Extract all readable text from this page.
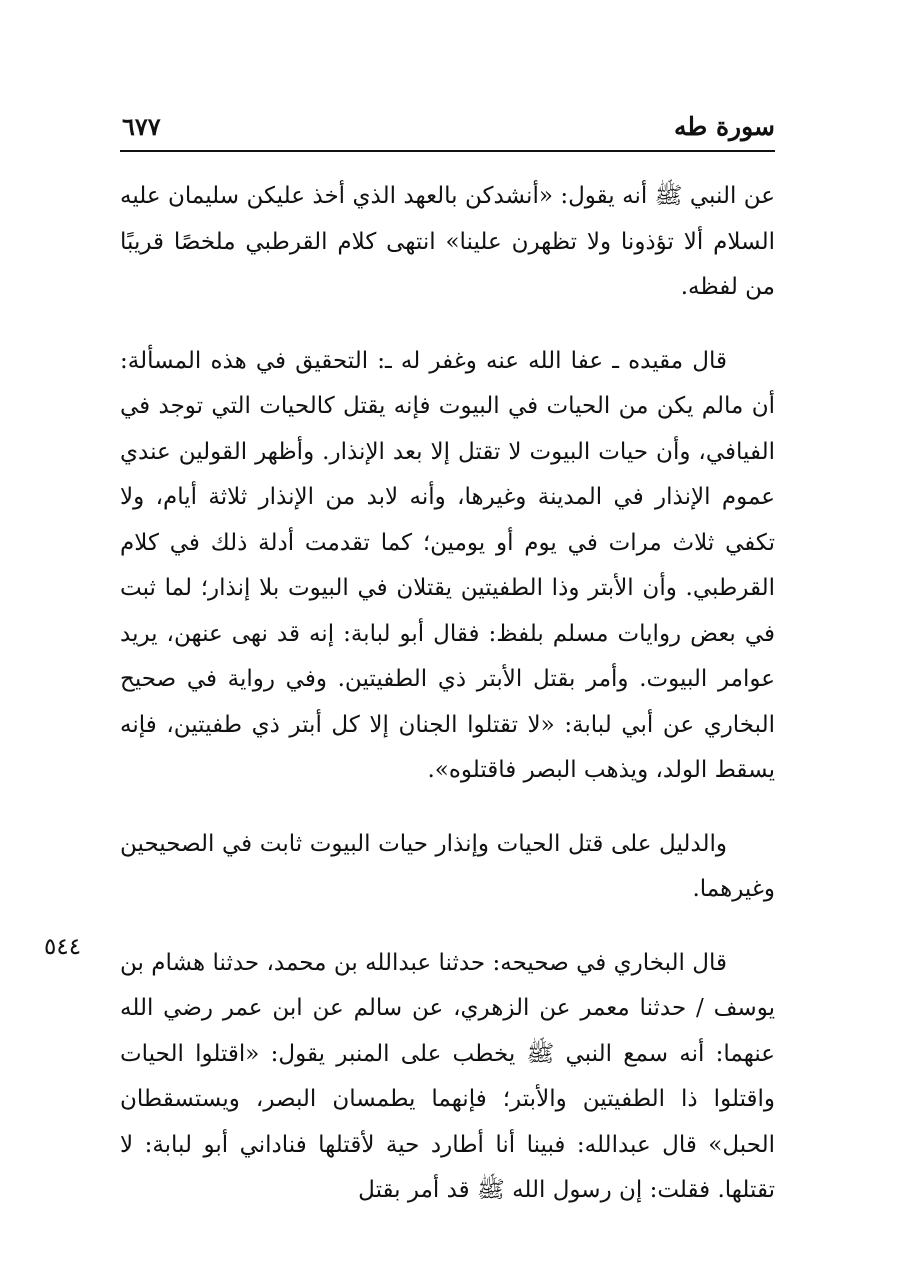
٦٧٧	سورة طه
٥٤٤

عن النبي ﷺ أنه يقول: «أنشدكن بالعهد الذي أخذ عليكن سليمان عليه السلام ألا تؤذونا ولا تظهرن علينا» انتهى كلام القرطبي ملخصًا قريبًا من لفظه.

قال مقيده ـ عفا الله عنه وغفر له ـ: التحقيق في هذه المسألة: أن مالم يكن من الحيات في البيوت فإنه يقتل كالحيات التي توجد في الفيافي، وأن حيات البيوت لا تقتل إلا بعد الإنذار. وأظهر القولين عندي عموم الإنذار في المدينة وغيرها، وأنه لابد من الإنذار ثلاثة أيام، ولا تكفي ثلاث مرات في يوم أو يومين؛ كما تقدمت أدلة ذلك في كلام القرطبي. وأن الأبتر وذا الطفيتين يقتلان في البيوت بلا إنذار؛ لما ثبت في بعض روايات مسلم بلفظ: فقال أبو لبابة: إنه قد نهى عنهن، يريد عوامر البيوت. وأمر بقتل الأبتر ذي الطفيتين. وفي رواية في صحيح البخاري عن أبي لبابة: «لا تقتلوا الجنان إلا كل أبتر ذي طفيتين، فإنه يسقط الولد، ويذهب البصر فاقتلوه».

والدليل على قتل الحيات وإنذار حيات البيوت ثابت في الصحيحين وغيرهما.

قال البخاري في صحيحه: حدثنا عبدالله بن محمد، حدثنا هشام بن يوسف / حدثنا معمر عن الزهري، عن سالم عن ابن عمر رضي الله عنهما: أنه سمع النبي ﷺ يخطب على المنبر يقول: «اقتلوا الحيات واقتلوا ذا الطفيتين والأبتر؛ فإنهما يطمسان البصر، ويستسقطان الحبل» قال عبدالله: فبينا أنا أطارد حية لأقتلها فناداني أبو لبابة: لا تقتلها. فقلت: إن رسول الله ﷺ قد أمر بقتل
